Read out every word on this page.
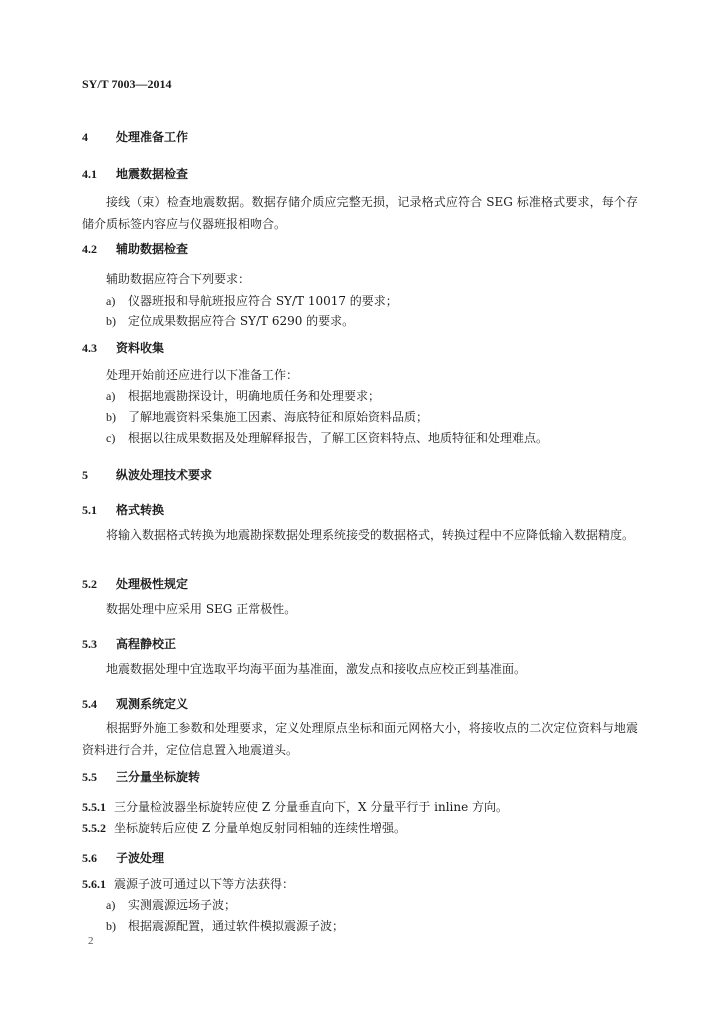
SY/T 7003—2014
4 处理准备工作
4.1 地震数据检查

接线（束）检查地震数据。数据存储介质应完整无损，记录格式应符合 SEG 标准格式要求，每个存储介质标签内容应与仪器班报相吻合。

4.2 辅助数据检查
辅助数据应符合下列要求：
a) 仪器班报和导航班报应符合 SY/T 10017 的要求；
b) 定位成果数据应符合 SY/T 6290 的要求。
4.3 资料收集
处理开始前还应进行以下准备工作：
a) 根据地震勘探设计，明确地质任务和处理要求；
b) 了解地震资料采集施工因素、海底特征和原始资料品质；
c) 根据以往成果数据及处理解释报告，了解工区资料特点、地质特征和处理难点。
5 纵波处理技术要求
5.1 格式转换

将输入数据格式转换为地震勘探数据处理系统接受的数据格式，转换过程中不应降低输入数据精度。

5.2 处理极性规定

数据处理中应采用 SEG 正常极性。

5.3 高程静校正

地震数据处理中宜选取平均海平面为基准面，激发点和接收点应校正到基准面。

5.4 观测系统定义

根据野外施工参数和处理要求，定义处理原点坐标和面元网格大小，将接收点的二次定位资料与地震资料进行合并，定位信息置入地震道头。

5.5 三分量坐标旋转
5.5.1 三分量检波器坐标旋转应使 Z 分量垂直向下，X 分量平行于 inline 方向。
5.5.2 坐标旋转后应使 Z 分量单炮反射同相轴的连续性增强。
5.6 子波处理
5.6.1 震源子波可通过以下等方法获得：
a) 实测震源远场子波；
b) 根据震源配置，通过软件模拟震源子波；
2
